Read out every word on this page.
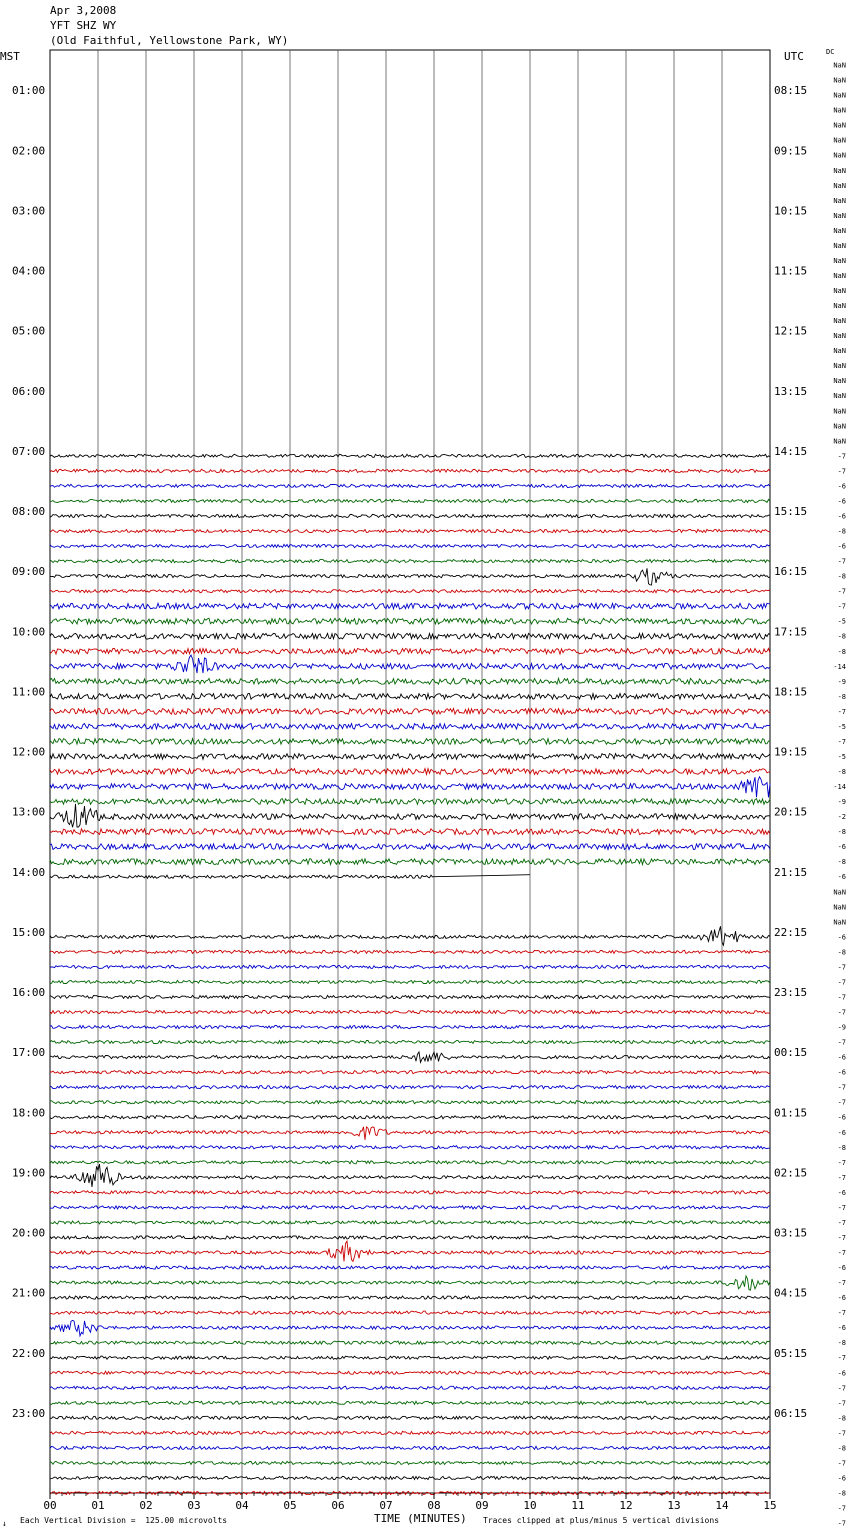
Apr 3,2008
YFT SHZ WY
(Old Faithful, Yellowstone Park, WY)
MST	UTC	DC
01:00
02:00
03:00
04:00
05:00
06:00
07:00
08:00
09:00
10:00
11:00
12:00
13:00
14:00
15:00
16:00
17:00
18:00
19:00
20:00
21:00
22:00
23:00
08:15
09:15
10:15
11:15
12:15
13:15
14:15
15:15
16:15
17:15
18:15
19:15
20:15
21:15
22:15
23:15
00:15
01:15
02:15
03:15
04:15
05:15
06:15
NaN
NaN
NaN
NaN
NaN
NaN
NaN
NaN
NaN
NaN
NaN
NaN
NaN
NaN
NaN
NaN
NaN
NaN
NaN
NaN
NaN
NaN
NaN
NaN
NaN
NaN
-7
-7
-6
-6
-6
-8
-6
-7
-8
-7
-7
-5
-8
-8
-14
-9
-8
-7
-5
-7
-5
-8
-14
-9
-2
-8
-6
-8
-6
NaN
NaN
NaN
-6
-8
-7
-7
-7
-7
-9
-7
-6
-6
-7
-7
-6
-6
-8
-7
-7
-6
-7
-7
-7
-7
-6
-7
-6
-7
-6
-8
-7
-6
-7
-7
-8
-7
-8
-7
-6
-8
-7
-7
00	01	02	03	04	05	06	07	08	09	10	11	12	13	14	15
↓ Each Vertical Division =  125.00 microvolts	TIME (MINUTES) Traces clipped at plus/minus 5 vertical divisions
